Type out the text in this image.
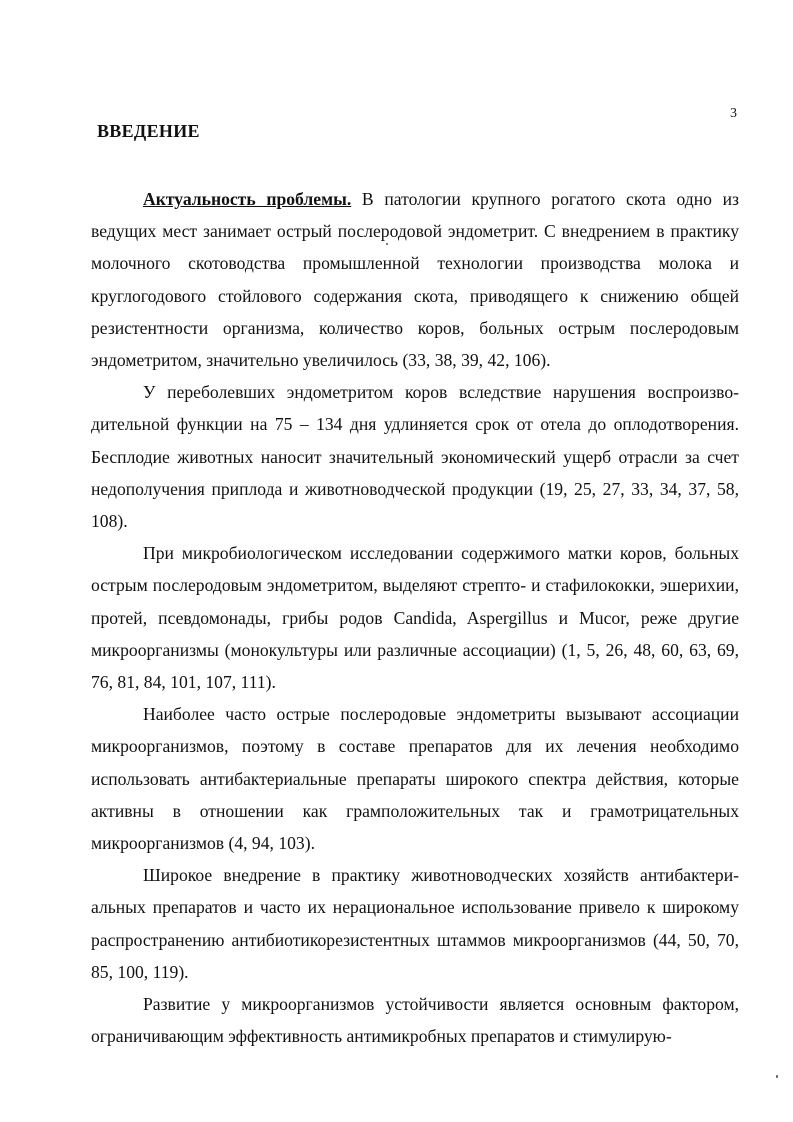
3
ВВЕДЕНИЕ

Актуальность проблемы. В патологии крупного рогатого скота одно из ведущих мест занимает острый послеродовой эндометрит. С внедрением в практику молочного скотоводства промышленной технологии производства молока и круглогодового стойлового содержания скота, приводящего к снижению общей резистентности организма, количество коров, больных острым послеродовым эндометритом, значительно увеличилось (33, 38, 39, 42, 106).

У переболевших эндометритом коров вследствие нарушения воспроизводительной функции на 75 – 134 дня удлиняется срок от отела до оплодотворения. Бесплодие животных наносит значительный экономический ущерб отрасли за счет недополучения приплода и животноводческой продукции (19, 25, 27, 33, 34, 37, 58, 108).

При микробиологическом исследовании содержимого матки коров, больных острым послеродовым эндометритом, выделяют стрепто- и стафилококки, эшерихии, протей, псевдомонады, грибы родов Candida, Aspergillus и Mucor, реже другие микроорганизмы (монокультуры или различные ассоциации) (1, 5, 26, 48, 60, 63, 69, 76, 81, 84, 101, 107, 111).

Наиболее часто острые послеродовые эндометриты вызывают ассоциации микроорганизмов, поэтому в составе препаратов для их лечения необходимо использовать антибактериальные препараты широкого спектра действия, которые активны в отношении как грамположительных так и грамотрицательных микроорганизмов (4, 94, 103).

Широкое внедрение в практику животноводческих хозяйств антибактериальных препаратов и часто их нерациональное использование привело к широкому распространению антибиотикорезистентных штаммов микроорганизмов (44, 50, 70, 85, 100, 119).

Развитие у микроорганизмов устойчивости является основным фактором, ограничивающим эффективность антимикробных препаратов и стимулирую-
